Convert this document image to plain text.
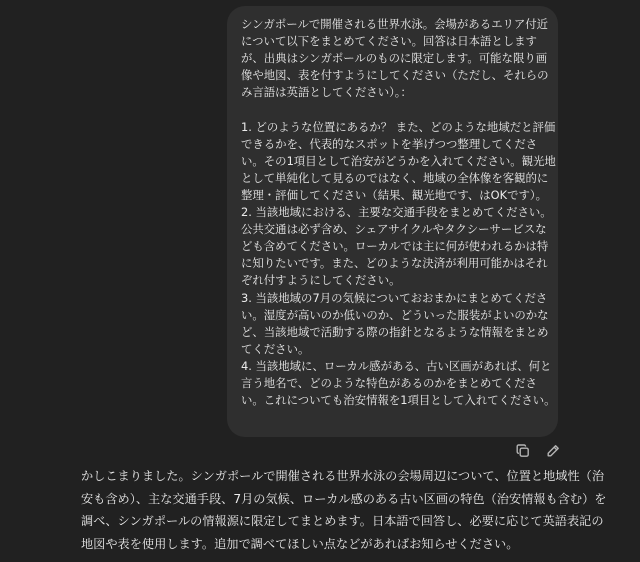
シンガポールで開催される世界水泳。会場があるエリア付近
について以下をまとめてください。回答は日本語とします
が、出典はシンガポールのものに限定します。可能な限り画
像や地図、表を付すようにしてください（ただし、それらの
み言語は英語としてください）。：
1. どのような位置にあるか？ また、どのような地域だと評価
できるかを、代表的なスポットを挙げつつ整理してくださ
い。その1項目として治安がどうかを入れてください。観光地
として単純化して見るのではなく、地域の全体像を客観的に
整理・評価してください（結果、観光地です、はOKです）。
2. 当該地域における、主要な交通手段をまとめてください。
公共交通は必ず含め、シェアサイクルやタクシーサービスな
ども含めてください。ローカルでは主に何が使われるかは特
に知りたいです。また、どのような決済が利用可能かはそれ
ぞれ付すようにしてください。
3. 当該地域の7月の気候についておおまかにまとめてくださ
い。湿度が高いのか低いのか、どういった服装がよいのかな
ど、当該地域で活動する際の指針となるような情報をまとめ
てください。
4. 当該地域に、ローカル感がある、古い区画があれば、何と
言う地名で、どのような特色があるのかをまとめてくださ
い。これについても治安情報を1項目として入れてください。
かしこまりました。シンガポールで開催される世界水泳の会場周辺について、位置と地域性（治
安も含め）、主な交通手段、7月の気候、ローカル感のある古い区画の特色（治安情報も含む）を
調べ、シンガポールの情報源に限定してまとめます。日本語で回答し、必要に応じて英語表記の
地図や表を使用します。追加で調べてほしい点などがあればお知らせください。
